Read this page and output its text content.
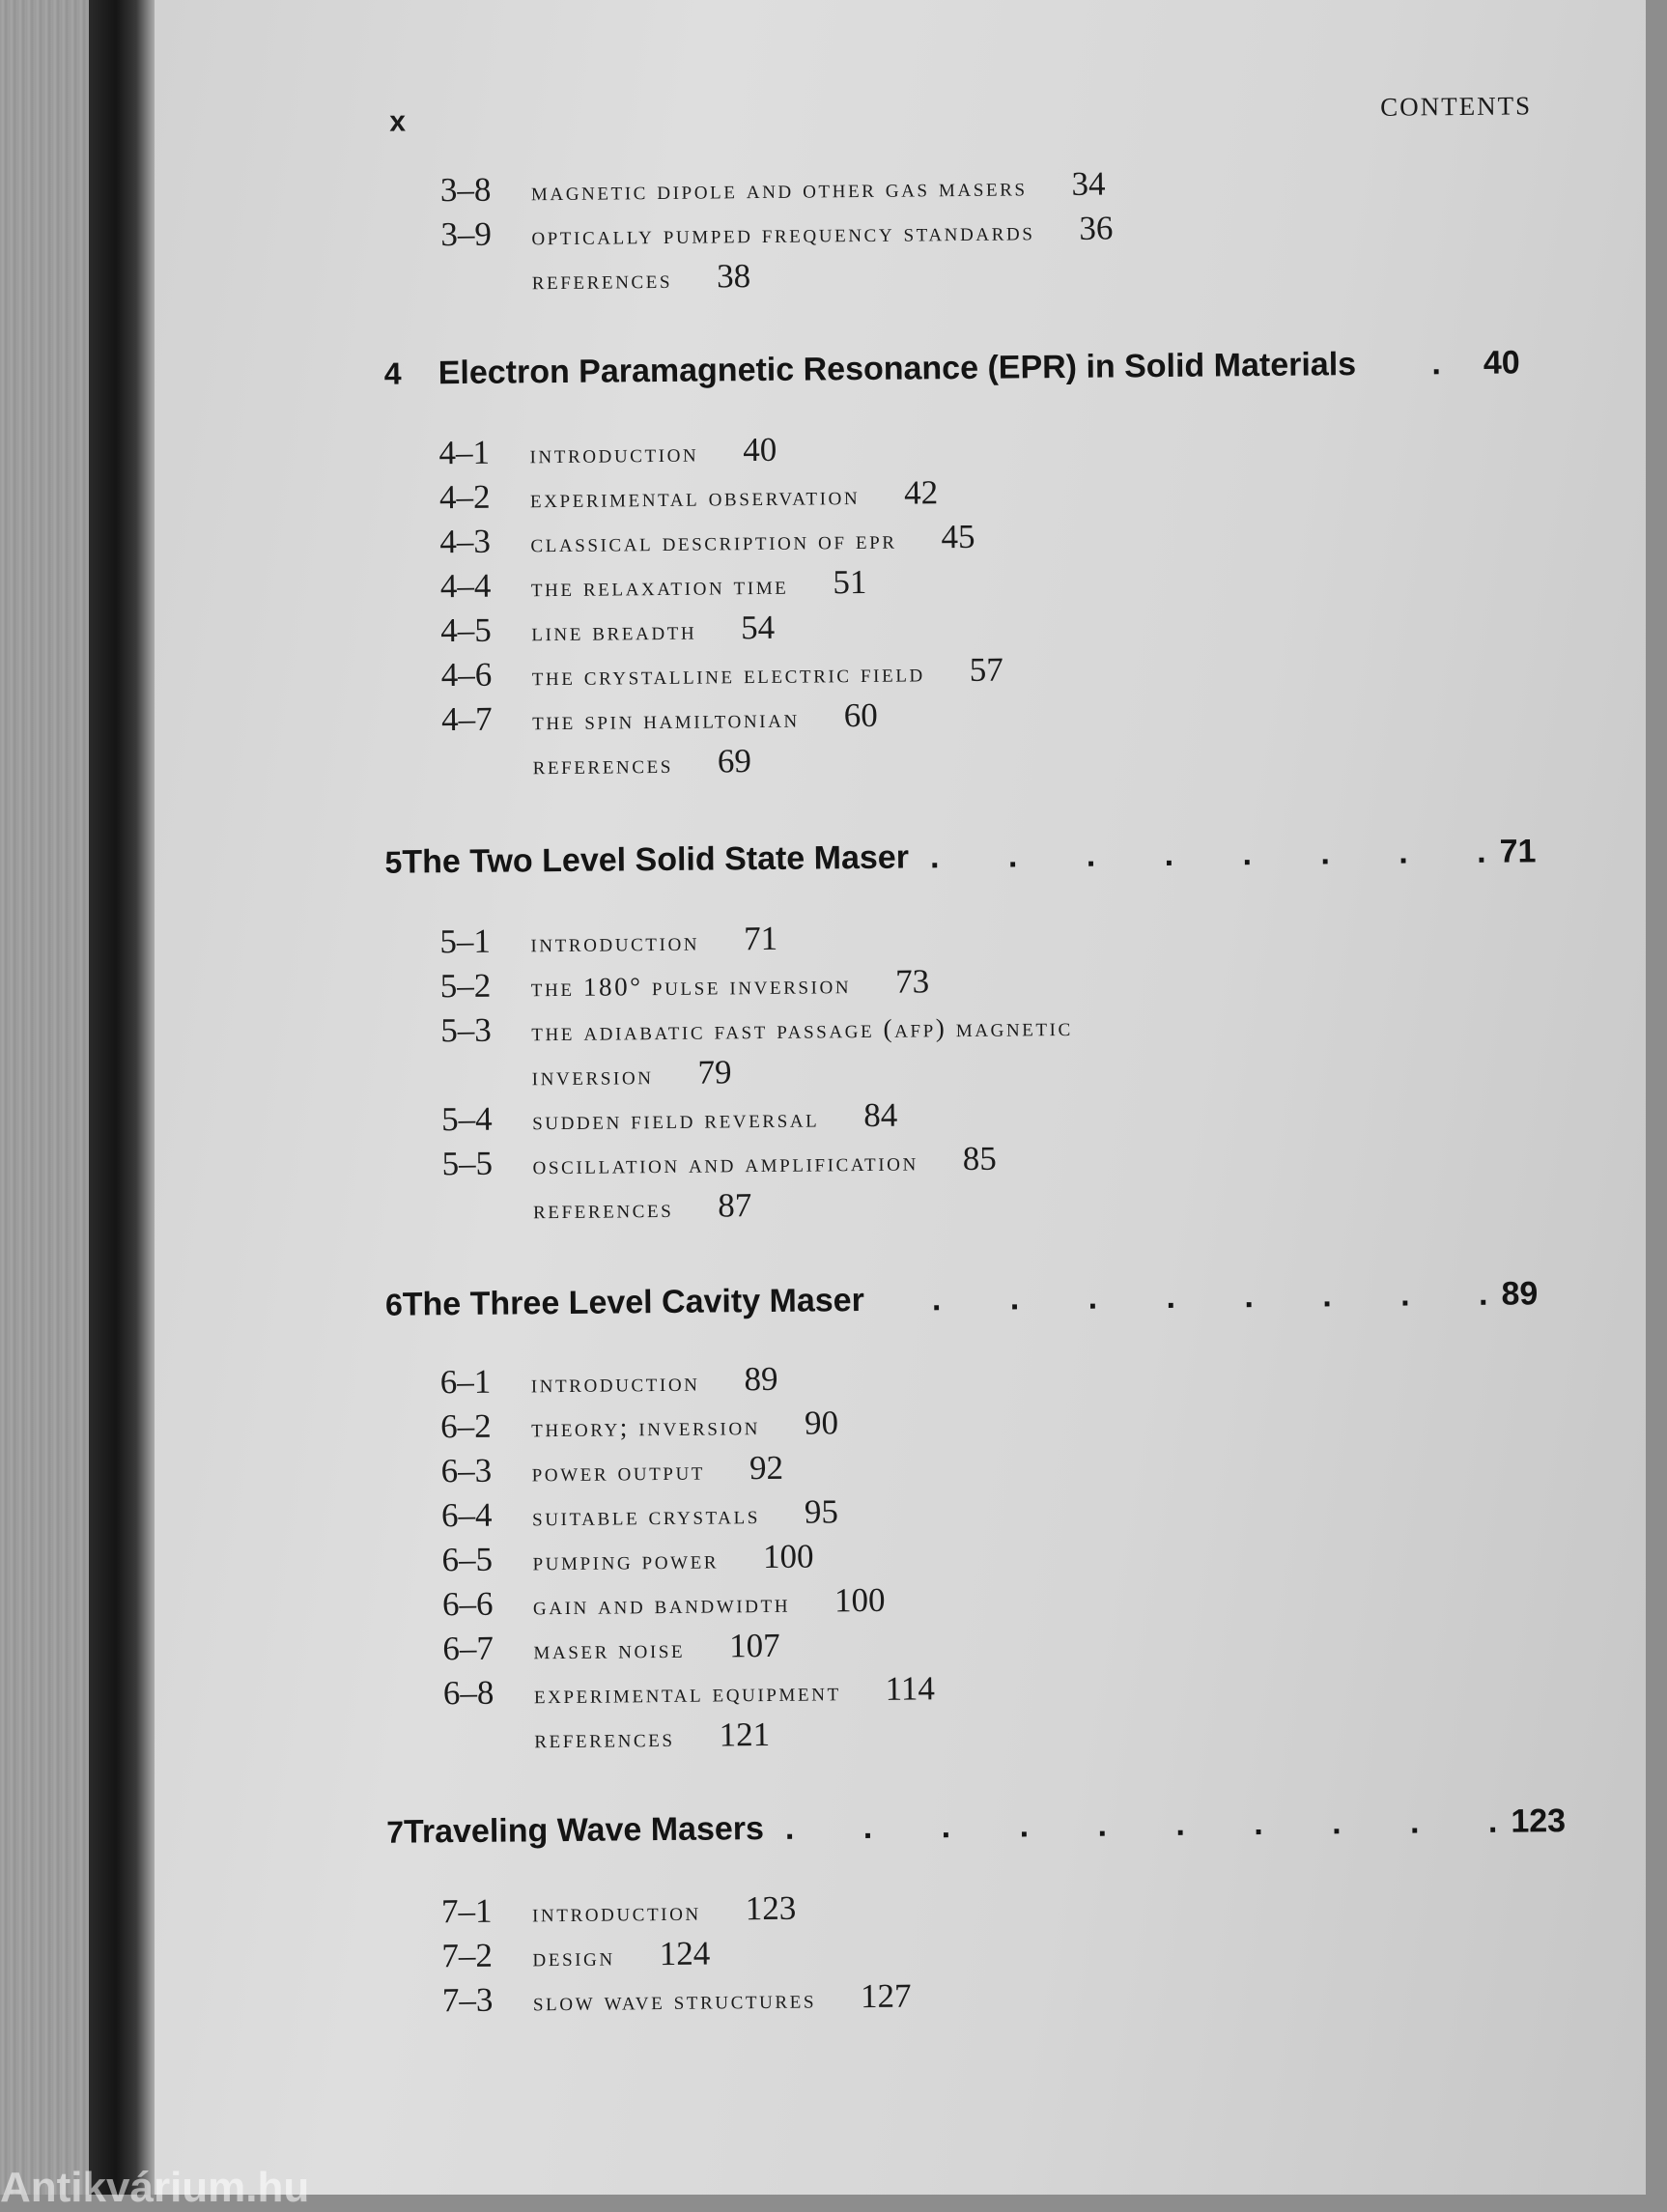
x	CONTENTS
3–8	magnetic dipole and other gas masers 34
3–9	optically pumped frequency standards 36
references 38
4	Electron Paramagnetic Resonance (EPR) in Solid Materials	.	40
4–1	introduction 40
4–2	experimental observation 42
4–3	classical description of epr 45
4–4	the relaxation time 51
4–5	line breadth 54
4–6	the crystalline electric field 57
4–7	the spin hamiltonian 60
references 69
5 The Two Level Solid State Maser . . . . . . . . 71
5–1	introduction 71
5–2	the 180° pulse inversion 73
5–3	the adiabatic fast passage (afp) magnetic
inversion 79
5–4	sudden field reversal 84
5–5	oscillation and amplification 85
references 87
6 The Three Level Cavity Maser	. . . . . . . . 89
6–1	introduction 89
6–2	theory; inversion 90
6–3	power output 92
6–4	suitable crystals 95
6–5	pumping power 100
6–6	gain and bandwidth 100
6–7	maser noise 107
6–8	experimental equipment 114
references 121
7 Traveling Wave Masers . . . . . . . . . . 123
7–1	introduction 123
7–2	design 124
7–3	slow wave structures 127
Antikvárium.hu
